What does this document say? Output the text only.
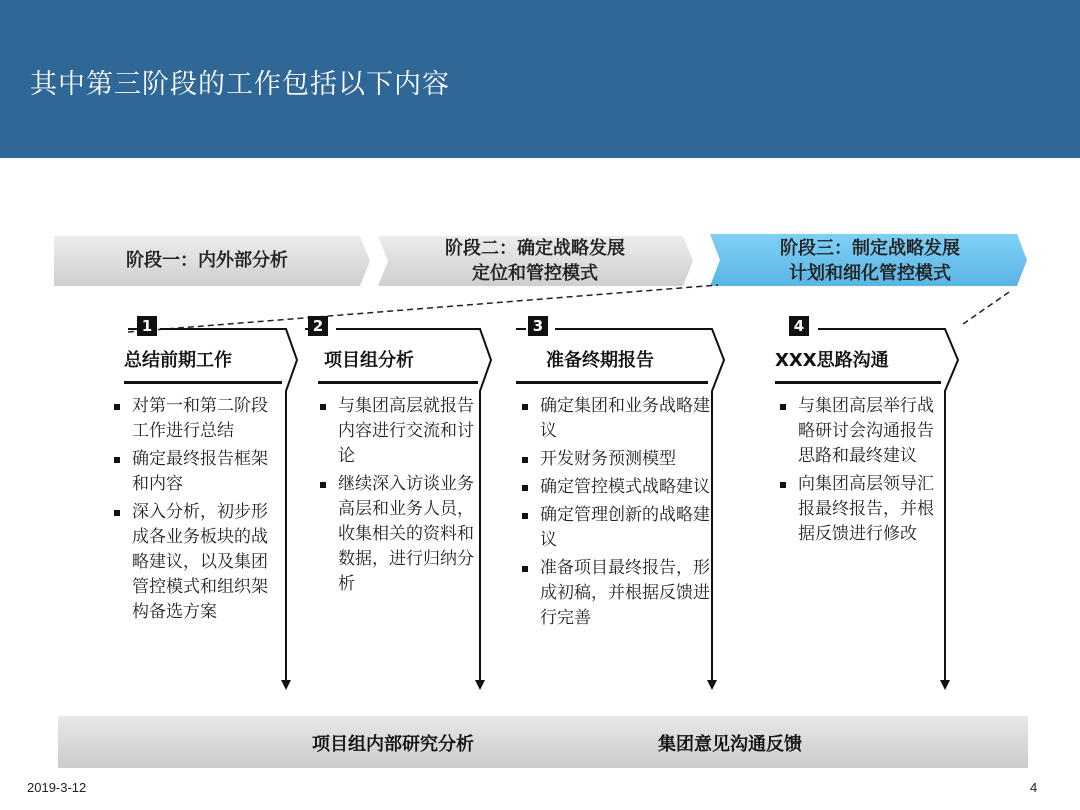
其中第三阶段的工作包括以下内容
阶段一：内外部分析
阶段二：确定战略发展
定位和管控模式
阶段三：制定战略发展
计划和细化管控模式
1
总结前期工作
对第一和第二阶段工作进行总结
确定最终报告框架和内容
深入分析，初步形成各业务板块的战略建议，以及集团管控模式和组织架构备选方案
2
项目组分析
与集团高层就报告内容进行交流和讨论
继续深入访谈业务高层和业务人员，收集相关的资料和数据，进行归纳分析
3
准备终期报告
确定集团和业务战略建议
开发财务预测模型
确定管控模式战略建议
确定管理创新的战略建议
准备项目最终报告，形成初稿，并根据反馈进行完善
4
XXX思路沟通
与集团高层举行战略研讨会沟通报告思路和最终建议
向集团高层领导汇报最终报告，并根据反馈进行修改
项目组内部研究分析	集团意见沟通反馈
2019-3-12	4
